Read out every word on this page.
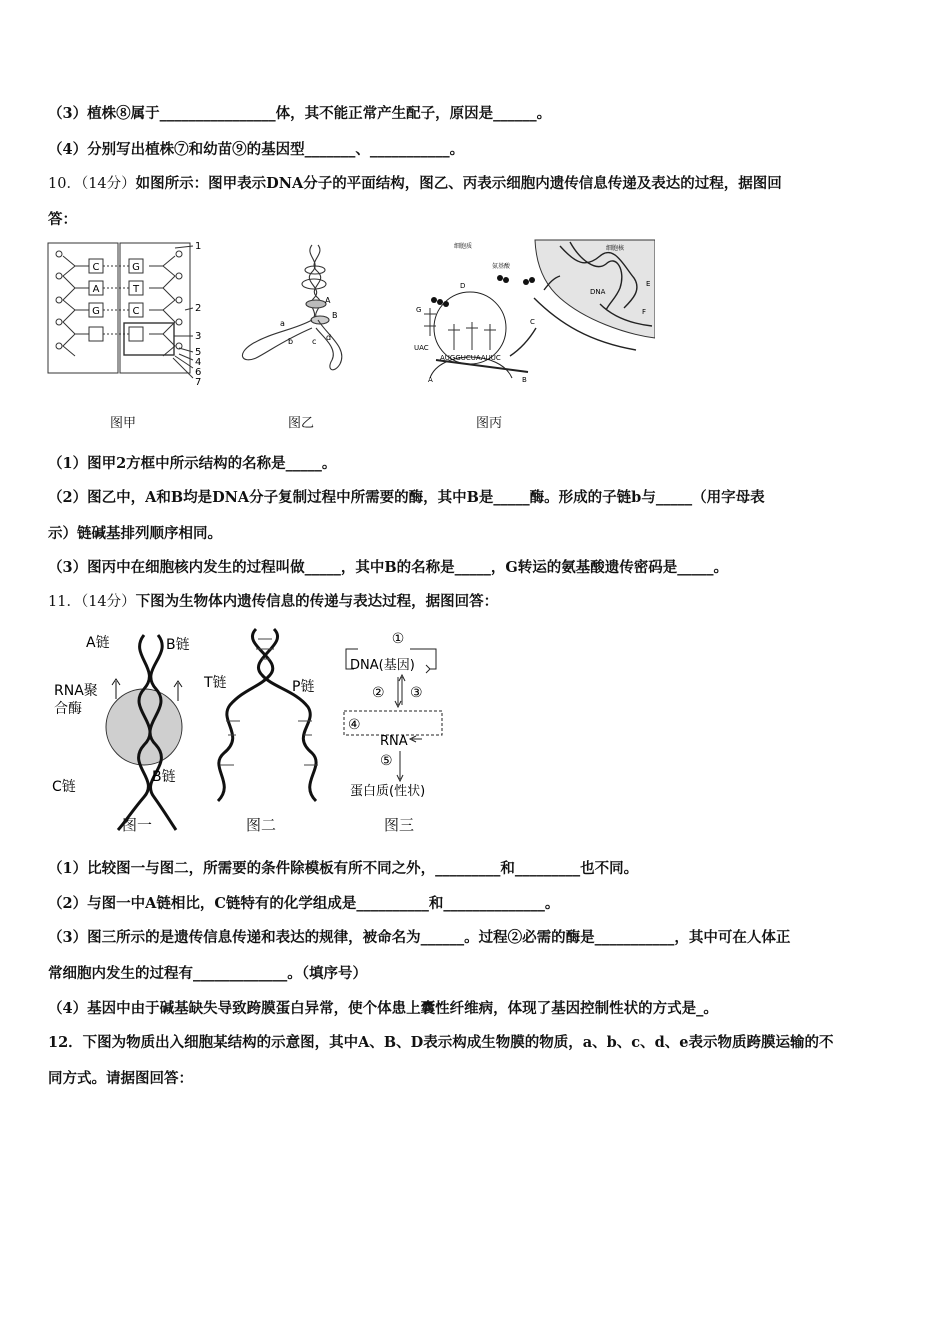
（3）植株⑧属于________________体，其不能正常产生配子，原因是______。
（4）分别写出植株⑦和幼苗⑨的基因型_______、___________。
10．（14分）如图所示：图甲表示DNA分子的平面结构，图乙、丙表示细胞内遗传信息传递及表达的过程，据图回
答：
C
A
G
G
T
C
1
2
3
5
4
6
7
图甲
A
B
a
b c d
图乙
细胞质
氨基酸
细胞核
DNA
D
C
E
F
G
A	B
UAC
AUGGUCUAAUUC
图丙
（1）图甲2方框中所示结构的名称是_____。
（2）图乙中，A和B均是DNA分子复制过程中所需要的酶，其中B是_____酶。形成的子链b与_____（用字母表
示）链碱基排列顺序相同。
（3）图丙中在细胞核内发生的过程叫做_____，其中B的名称是_____，G转运的氨基酸遗传密码是_____。
11．（14分）下图为生物体内遗传信息的传递与表达过程，据图回答：
A链	B链
RNA聚
合酶
C链
B链
图一
T链	P链
图二
①
DNA(基因)
② ③
④
RNA
⑤
蛋白质(性状)
图三
（1）比较图一与图二，所需要的条件除模板有所不同之外，_________和_________也不同。
（2）与图一中A链相比，C链特有的化学组成是__________和______________。
（3）图三所示的是遗传信息传递和表达的规律，被命名为______。过程②必需的酶是___________，其中可在人体正
常细胞内发生的过程有_____________。（填序号）
（4）基因中由于碱基缺失导致跨膜蛋白异常，使个体患上囊性纤维病，体现了基因控制性状的方式是_。
12．下图为物质出入细胞某结构的示意图，其中A、B、D表示构成生物膜的物质，a、b、c、d、e表示物质跨膜运输的不
同方式。请据图回答：
